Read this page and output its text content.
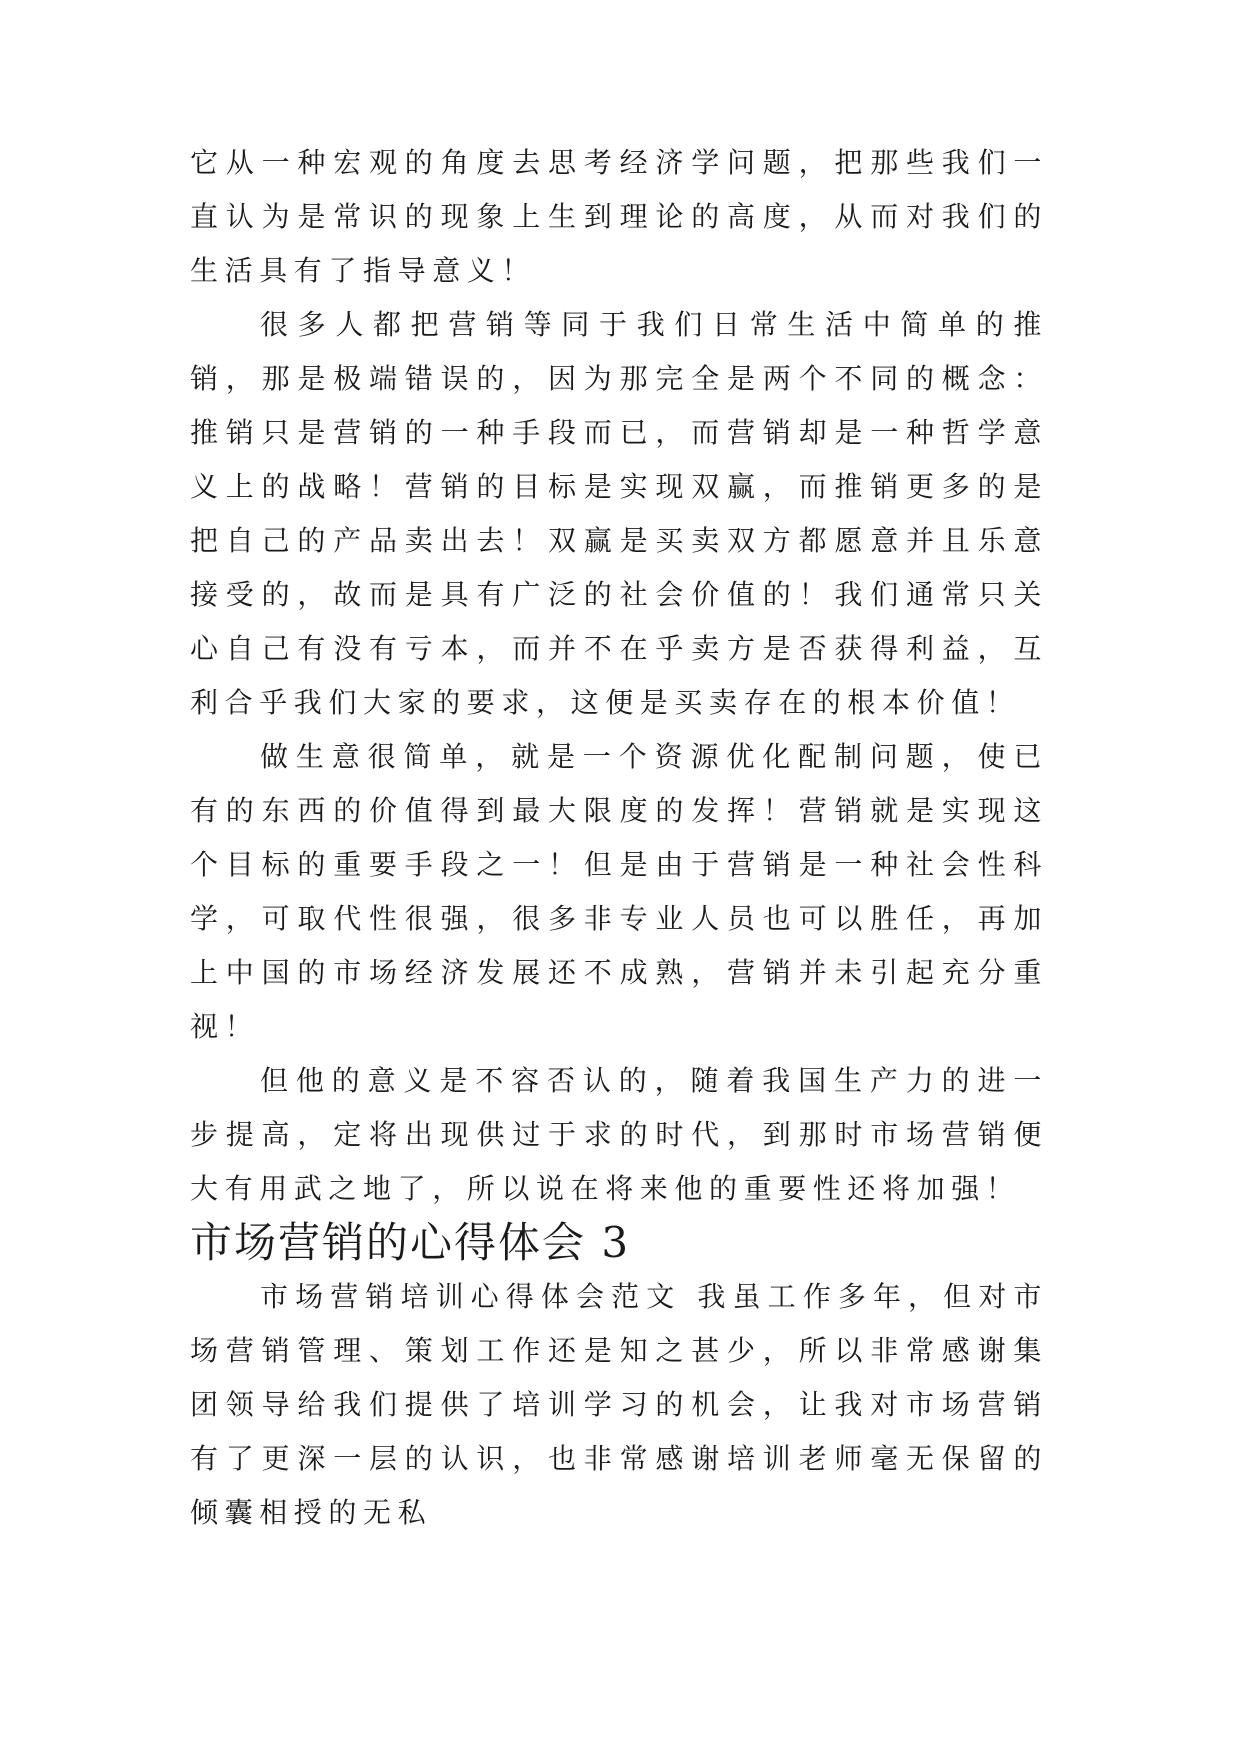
它从一种宏观的角度去思考经济学问题，把那些我们一直认为是常识的现象上生到理论的高度，从而对我们的生活具有了指导意义！

很多人都把营销等同于我们日常生活中简单的推销，那是极端错误的，因为那完全是两个不同的概念：推销只是营销的一种手段而已，而营销却是一种哲学意义上的战略！营销的目标是实现双赢，而推销更多的是把自己的产品卖出去！双赢是买卖双方都愿意并且乐意接受的，故而是具有广泛的社会价值的！我们通常只关心自己有没有亏本，而并不在乎卖方是否获得利益，互利合乎我们大家的要求，这便是买卖存在的根本价值！

做生意很简单，就是一个资源优化配制问题，使已有的东西的价值得到最大限度的发挥！营销就是实现这个目标的重要手段之一！但是由于营销是一种社会性科学，可取代性很强，很多非专业人员也可以胜任，再加上中国的市场经济发展还不成熟，营销并未引起充分重视！

但他的意义是不容否认的，随着我国生产力的进一步提高，定将出现供过于求的时代，到那时市场营销便大有用武之地了，所以说在将来他的重要性还将加强！

市场营销的心得体会 3

市场营销培训心得体会范文 我虽工作多年，但对市场营销管理、策划工作还是知之甚少，所以非常感谢集团领导给我们提供了培训学习的机会，让我对市场营销有了更深一层的认识，也非常感谢培训老师毫无保留的倾囊相授的无私
